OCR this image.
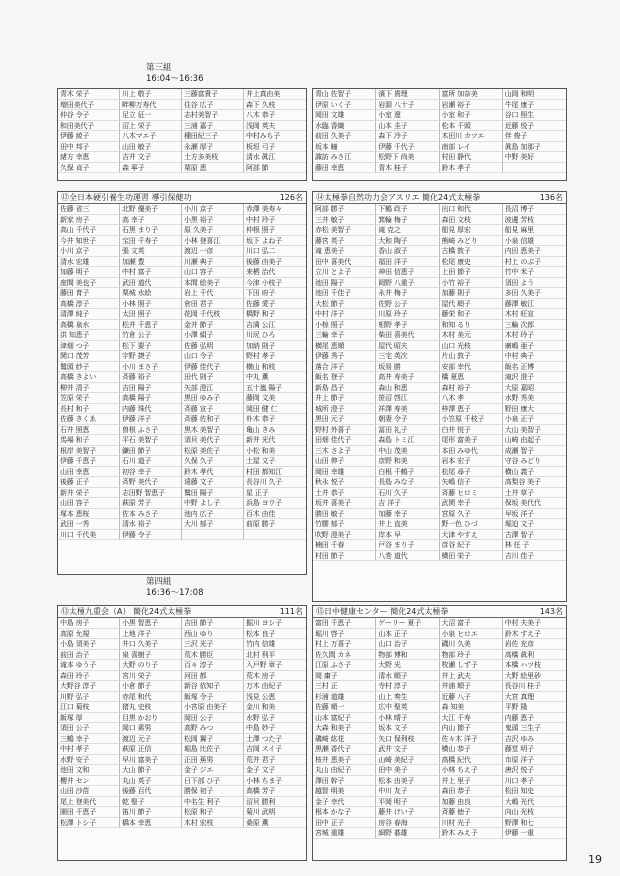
第三組
16:04～16:36
青木 栄子	川上 敬子	三藤富貴子	井上真由美
増田美代子	畔柳万寿代	住谷 広子	森下 久枝
仲谷 令子	足立 征一	志村美智子	八木 恭子
和田美代子	沼上 栄子	三浦 嘉子	浅岡 英夫
伊藤 綾子	八木マエ子	種田紀三子	中村みち子
田中 邦子	山田 敏子	永瀬 厚子	板垣 弓子
緒方 幸恵	吉井 文子	土方多美枝	清水 眞江
久保 貞子	森 寧子	栗原 恵	阿部 節
青山 佐智子	濱下 貴理	富所 加奈美	山岡 和明
伊原 いく子	岩淵 八十子	岩瀬 裕子	牛尾 康子
岡田 文雄	小室 遼	小室 和子	谷口 照生
水臨 香織	山本 圭子	松本 千頭	近藤 悦子
前田 久美子	森下 冷子	木田川 カツエ	伴 俊子
坂本 瞳	伊藤 千代子	南部 レイ	眞島 加那子
諏訪 みさ江	松野下 尚美	村田 静代	中野 美好
藤田 幸恵	青木 桂子	鈴木 孝子
⑫全日本硬引養生功運習 導引保健功	126名
佐藤 省三	北野 優美子	小川 京子	赤澤 美寿々
新家 房子	高 幸子	小黒 裕子	中村 玲子
高山 千代子	石黒 まり子	原 久美子	仲根 照子
今井 知世子	宝田 千寿子	小林 登喜江	坂下 よね子
小川 京子	張 文英	渡辺 一彦	川口 弘二
清水 宏雄	加瀬 豊	川瀬 典子	後藤 由美子
加藤 明子	中村 富子	山口 容子	来栖 治代
座間 美也子	武田 道代	本間 絵美子	今津 小枝子
藤田 育子	栗城 水絵	岩上 千代	下田 府子
高橋 淳子	小林 照子	倉田 君子	佐藤 愛子
清澤 純子	太田 照子	花岡 千代枝	橋野 和子
高橋 泉水	松井 千恵子	金井 節子	吉満 公江
洪 知恵子	竹倉 公子	小澤 絹子	川尻 ひろ
津畑 つ子	松下 要子	佐藤 弘明	加納 則子
関口 茂芳	宇野 捷子	山口 令子	野村 孝子
鷲頭 紗子	小川 まさ子	伊藤 佳代子	横山 和枝
高橋 きよい	斉藤 裕子	田代 則子	中丸 薫
柳井 清子	吉田 陽子	矢部 澄江	五十嵐 陽子
笠原 栄子	高橋 陽子	黒田 ゆみ子	藤岡 文美
長村 和子	内藤 珠代	斉藤 宣子	岡田 健 仁
佐藤 きくゑ	伊藤 洋子	斉藤 佐和子	朴木 恭子
石井 照恵	曽根 ふさ子	黒木 美智子	亀山 きみ
馬場 和子	平石 美智子	須貝 美代子	新井 光代
根岸 美智子	鎌田 節子	松原 美佐子	小松 和美
伊藤 千恵子	石川 道子	久保 久子	土屋 文子
山田 幸恵	初谷 幸子	鈴木 孝代	村田 都知江
後藤 正子	斉野 美代子	遠藤 文子	長谷川 久子
新井 栄子	志田野 智恵子	鷲田 陽子	星 正子
山田 容子	萩原 芳子	中野 よし子	浜島 ヨウ子
塚本 恵桜	佐本 みさ子	池内 広子	百木 由佳
武田 一秀	清水 裕子	大川 郁子	前原 勝子
川口 千代美	伊藤 令子
⑭太極拳自然功力会アスリエ 簡化24式太極拳	136名
阿部 勝子	下鶴 政子	出口 和代	長沼 博子
三井 敏子	箕輪 梅子	森田 文枝	波邊 芳枝
赤松 美智子	滝 克之	船見 厚宏	船見 麻里
藤宮 英子	大和 陶子	熊崎 みどり	小泉 信雄
滝 恵美子	香山 淑子	古橋 敦子	内田 恵美子
田中 喜美代	福田 洋子	松尾 康史	村上 のぶ子
立川 とよ子	神田 信恵子	上田 節子	竹中 米子
池田 陽子	岡野 八重子	小竹 裕子	須田 よう
池田 千佳子	永井 梅子	加藤 則子	多田 久美子
大松 節子	佐野 公子	屋代 順子	藤澤 敏江
中村 洋子	川原 玲子	藤栄 和子	木村 旺宣
小椋 照子	相野 孝子	和知 るり	三輪 次郎
三輪 幸子	柴田 喜美代	木村 美元	木村 玲子
横尾 恵順	屋代 昭夫	山口 光枝	廣嶋 亜子
伊藤 秀子	三宅 英次	片山 敦子	中村 典子
落合 洋子	坂易 勝	安部 幸代	飯名 正博
飯名 登子	高井 寿美子	橋 夏恵	滝沢 澄子
新島 昌子	森山 和恵	森村 裕子	大原 嘉昭
井上 節子	笹沼 啓江	八木 孝	水野 秀美
城所 澄子	祥澤 寿美	梓澤 恵子	野田 康大
黒田 元子	朝妻 令子	小笠原 千枝子	小泉 正子
野村 外喜子	冨田 礼子	白井 悦子	大山 美智子
田畑 佳代子	森島 トミ江	尾形 富美子	山崎 由起子
三木 さよ子	中山 茂美	本田 みゆ代	成瀬 智子
山田 伸子	彦野 和美	岩本 宏子	守谷 みどり
岡田 幸雄	白根 千鶴子	松尾 尋子	横山 義子
秋永 悦子	長島 みな子	矢嶋 信子	高梨谷 美子
土井 恭子	石川 久子	斉藤 ヒロミ	土井 草子
坂井 喜美子	吉 洋子	武関 幸子	保坂 美代代
勝田 敏子	加藤 幸子	宮原 久子	早坂 洋子
竹腰 郁子	井上 直美	野一色 ひづ	堀迫 文子
吹野 澄美子	岸本 早	大津 やすえ	古澤 智子
楠田 千春	戸谷 まり子	彦谷 紀子	林 任 子
村田 節子	八巻 道代	横田 栄子	吉川 佳子
第四組
16:36～17:08
⑬太極九重会（A） 簡化24式太極拳	111名
中島 房子	小黒 智恵子	吉田 節子	掘川 ヨシ子
高原 允規	上地 洋子	西山 ゆり	松本 良子
小島 須美子	井口 久美子	三沢 光子	竹内 信雄
前田 治子	泉 喜樹子	荒木 勝臣	北村 利平
滝本 ゆう子	大野 のり子	百々 淳子	入戸野 章子
森田 玲子	宮川 栄子	河田 都	荒木 房子
大野谷 淳子	小倉 節子	新谷 依知子	万木 由紀子
川野 弘子	赤尾 和代	飯塚 令子	浅見 公恵
江口 菊枝	猪丸 史枝	小宮原 由美子	金川 和美
飯塚 厚	目黒 かおり	岡田 公子	水野 弘子
須田 公子	岡口 素男	高野 みつ	中島 妙子
三鶴 幸子	渡辺 元子	松岡 翼子	土澤 つた子
中村 孝子	萩原 正信	堀島 比佐子	吉岡 スイ子
水野 安子	早川 富美子	正田 蕉男	荒井 君子
池田 文和	大山 節子	金子 ジエ	金子 文子
櫻井 セン	丸山 英子	日下部 ひ子	小林 ちま子
山田 沙苗	後藤 百代	勝保 初子	高橋 芳子
尾上 登美代	乾 聖子	中名生 利子	沼貝 勝利
園田 千恵子	笛川 節子	松原 和子	菊川 武明
松澤 トシ子	橋本 幸恵	木村 宏枝	桑原 薫
⑮日中健康センター 簡化24式太極拳	143名
富田 千恵子	ゲーリー 夏子	大沼 富子	中村 夫美子
堀川 啓子	山本 正子	小泉 ヒロエ	鈴木 すえ子
村上 万喜子	山口 治子	磯川 久美	岩佐 充彦
佐久間 カネ	物部 博和	物部 玲子	高橋 眞利
江原 ふさ子	大野 光	牧瀬 しず子	本橋 ハツ枝
岡 庸子	清水 順子	井上 武夫	大野 絵里砂
三村 正	寺村 淳子	井浦 順子	長谷川 桂子
杉浦 道雄	山上 奏生	近藤 八子	大宮 真理
佐藤 順一	広中 聖英	森 知美	平野 隆
山本 富紀子	小林 晴子	大江 千寿	内藤 恵子
大森 和美子	坂本 文子	内山 節子	鬼頭 三生子
磯崎 紘花	矢口 保利枝	佐々木 洋子	吉沢 ゆみ
黒瀬 香代子	武井 文子	横山 恭子	藤堂 明子
桜井 恵美子	山崎 美紀子	高橋 紀代	市原 洋子
丸山 由紀子	田中 美子	小林 ちえ子	唐沢 悦子
澤田 幹子	松本 由美子	井上 里子	川口 孝子
越智 明美	中川 友子	森田 恭子	松田 知史
金子 幸代	平岡 明子	加藤 由良	大嶋 光代
根本 かな子	藤井 けい子	斉藤 徳子	向山 光枝
田中 正子	房谷 春海	川村 光子	野澤 和七
宮城 重雄	細野 碁雄	鈴木 みえ子	伊藤 一重
19
